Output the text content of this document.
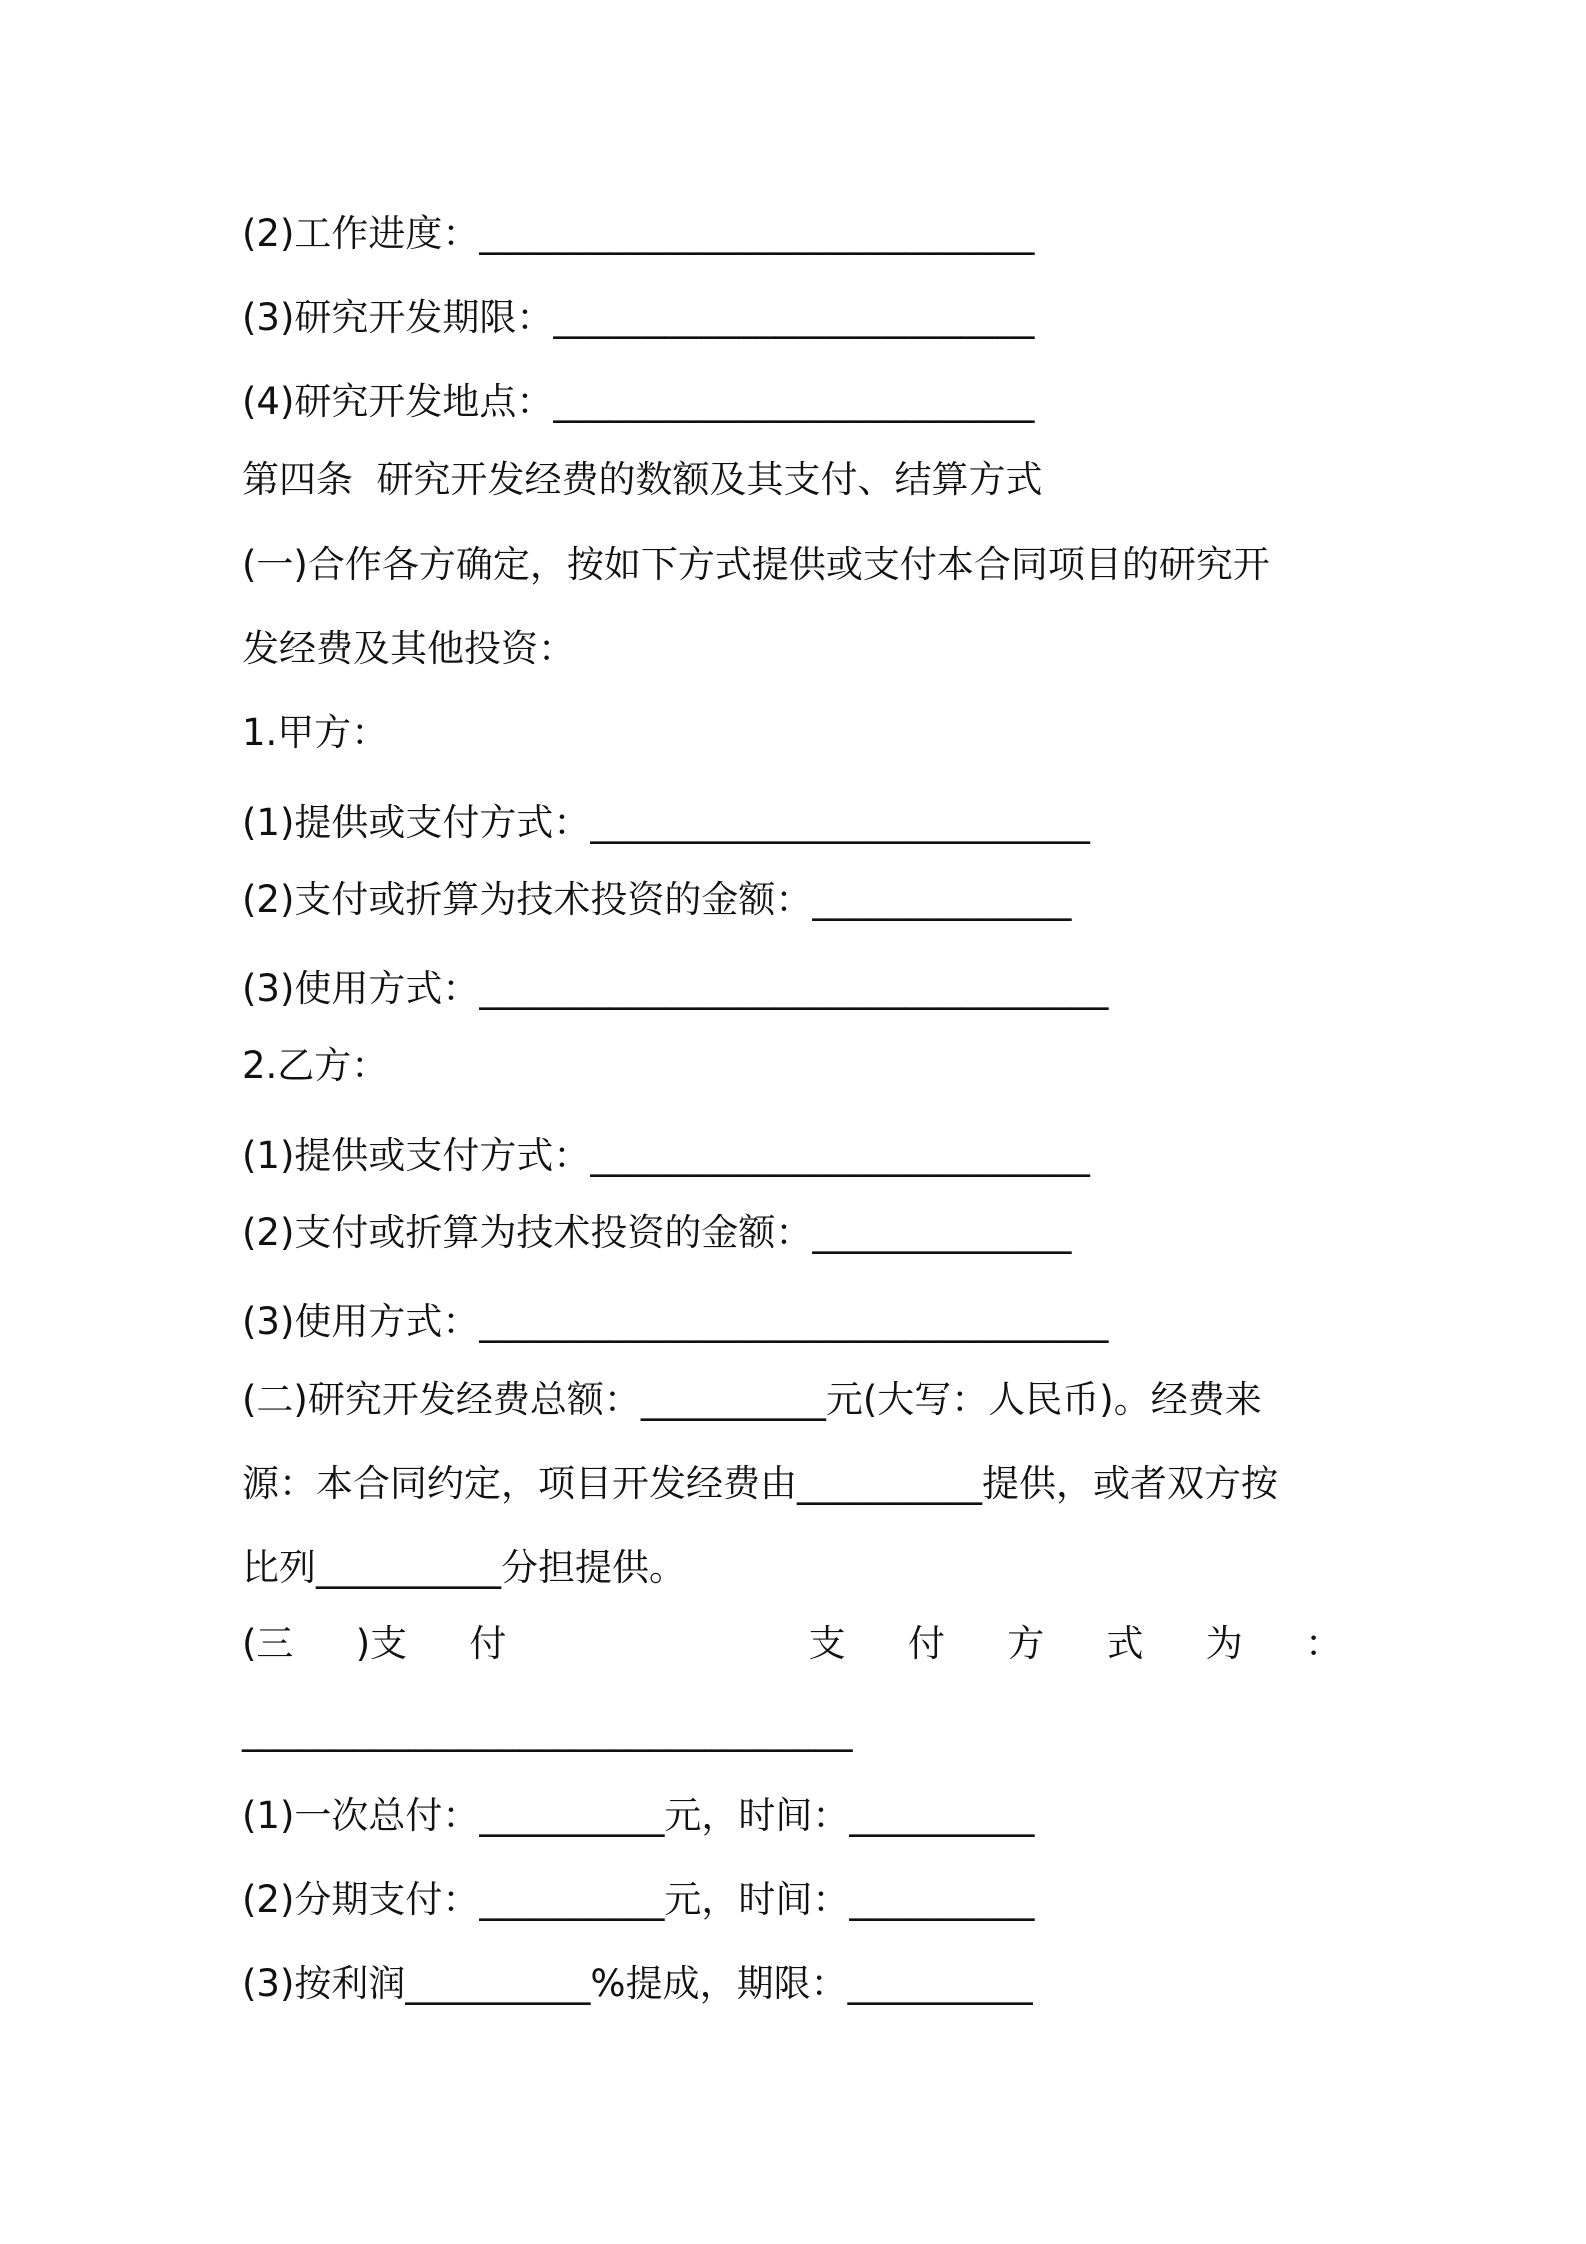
(2)工作进度：______________________________
(3)研究开发期限：__________________________
(4)研究开发地点：__________________________
第四条  研究开发经费的数额及其支付、结算方式
(一)合作各方确定，按如下方式提供或支付本合同项目的研究开
发经费及其他投资：
1.甲方：
(1)提供或支付方式：___________________________
(2)支付或折算为技术投资的金额：______________
(3)使用方式：__________________________________
2.乙方：
(1)提供或支付方式：___________________________
(2)支付或折算为技术投资的金额：______________
(3)使用方式：__________________________________
(二)研究开发经费总额：__________元(大写：人民币)。经费来
源：本合同约定，项目开发经费由__________提供，或者双方按
比列__________分担提供。
(三 )支 付	支 付 方 式 为 ：
_________________________________
(1)一次总付：__________元，时间：__________
(2)分期支付：__________元，时间：__________
(3)按利润__________%提成，期限：__________
